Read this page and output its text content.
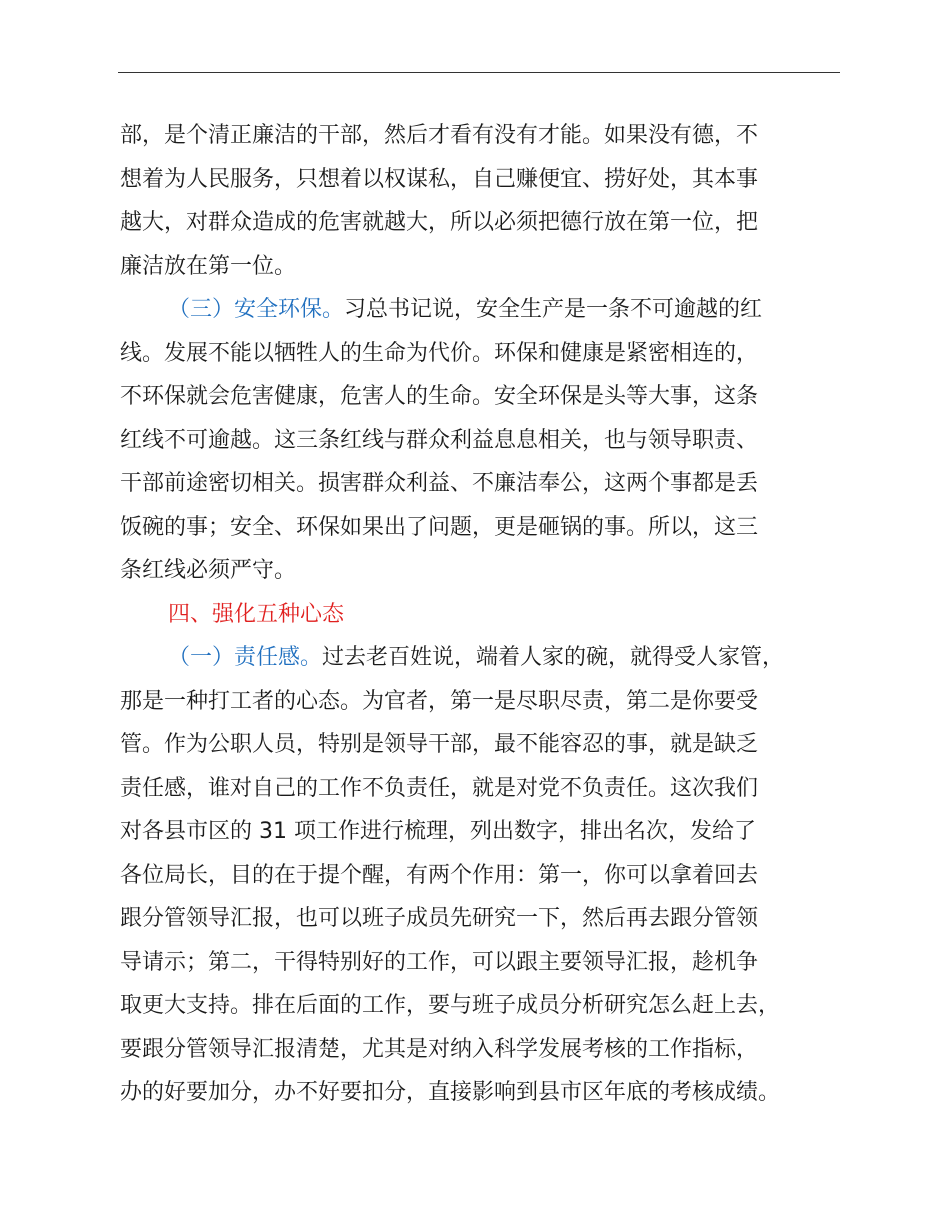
部，是个清正廉洁的干部，然后才看有没有才能。如果没有德，不
想着为人民服务，只想着以权谋私，自己赚便宜、捞好处，其本事
越大，对群众造成的危害就越大，所以必须把德行放在第一位，把
廉洁放在第一位。
（三）安全环保。习总书记说，安全生产是一条不可逾越的红
线。发展不能以牺牲人的生命为代价。环保和健康是紧密相连的，
不环保就会危害健康，危害人的生命。安全环保是头等大事，这条
红线不可逾越。这三条红线与群众利益息息相关，也与领导职责、
干部前途密切相关。损害群众利益、不廉洁奉公，这两个事都是丢
饭碗的事；安全、环保如果出了问题，更是砸锅的事。所以，这三
条红线必须严守。
四、强化五种心态
（一）责任感。过去老百姓说，端着人家的碗，就得受人家管，
那是一种打工者的心态。为官者，第一是尽职尽责，第二是你要受
管。作为公职人员，特别是领导干部，最不能容忍的事，就是缺乏
责任感，谁对自己的工作不负责任，就是对党不负责任。这次我们
对各县市区的 31 项工作进行梳理，列出数字，排出名次，发给了
各位局长，目的在于提个醒，有两个作用：第一，你可以拿着回去
跟分管领导汇报，也可以班子成员先研究一下，然后再去跟分管领
导请示；第二，干得特别好的工作，可以跟主要领导汇报，趁机争
取更大支持。排在后面的工作，要与班子成员分析研究怎么赶上去，
要跟分管领导汇报清楚，尤其是对纳入科学发展考核的工作指标，
办的好要加分，办不好要扣分，直接影响到县市区年底的考核成绩。
